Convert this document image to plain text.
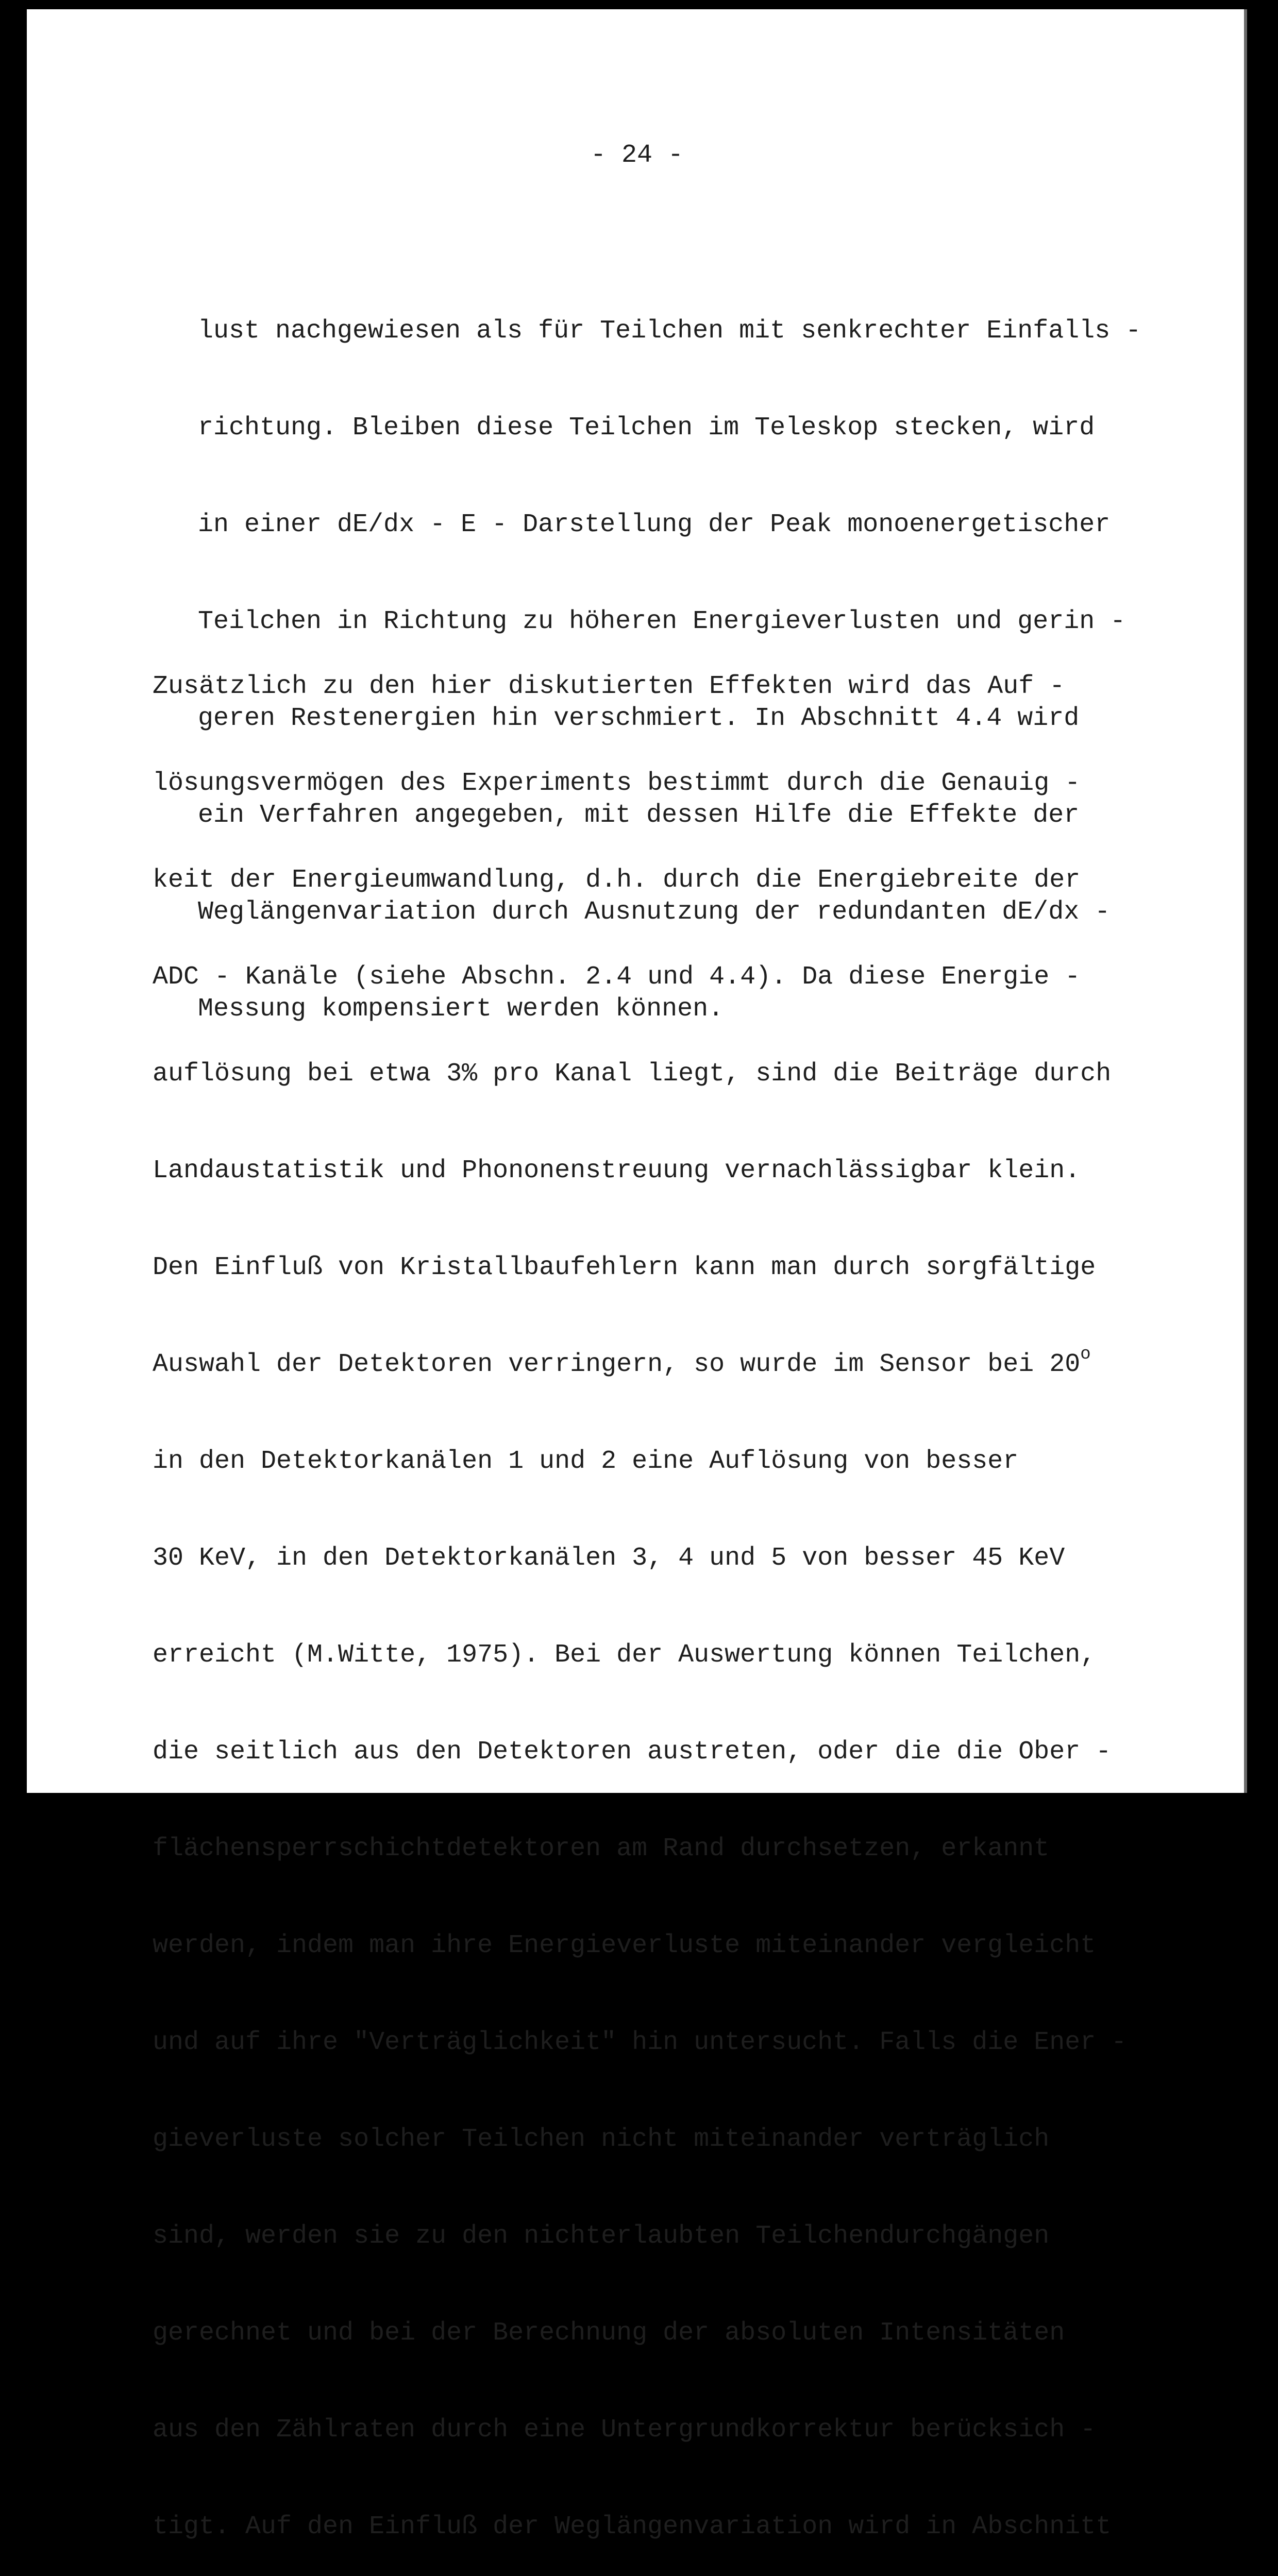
- 24 -

lust nachgewiesen als für Teilchen mit senkrechter Einfalls -

richtung. Bleiben diese Teilchen im Teleskop stecken, wird

in einer dE/dx - E - Darstellung der Peak monoenergetischer

Teilchen in Richtung zu höheren Energieverlusten und gerin -

geren Restenergien hin verschmiert. In Abschnitt 4.4 wird

ein Verfahren angegeben, mit dessen Hilfe die Effekte der

Weglängenvariation durch Ausnutzung der redundanten dE/dx -

Messung kompensiert werden können.

Zusätzlich zu den hier diskutierten Effekten wird das Auf -

lösungsvermögen des Experiments bestimmt durch die Genauig -

keit der Energieumwandlung, d.h. durch die Energiebreite der

ADC - Kanäle (siehe Abschn. 2.4 und 4.4). Da diese Energie -

auflösung bei etwa 3% pro Kanal liegt, sind die Beiträge durch

Landaustatistik und Phononenstreuung vernachlässigbar klein.

Den Einfluß von Kristallbaufehlern kann man durch sorgfältige

Auswahl der Detektoren verringern, so wurde im Sensor bei 20$^o$

in den Detektorkanälen 1 und 2 eine Auflösung von besser

30 KeV, in den Detektorkanälen 3, 4 und 5 von besser 45 KeV

erreicht (M.Witte, 1975). Bei der Auswertung können Teilchen,

die seitlich aus den Detektoren austreten, oder die die Ober -

flächensperrschichtdetektoren am Rand durchsetzen, erkannt

werden, indem man ihre Energieverluste miteinander vergleicht

und auf ihre "Verträglichkeit" hin untersucht. Falls die Ener -

gieverluste solcher Teilchen nicht miteinander verträglich

sind, werden sie zu den nichterlaubten Teilchendurchgängen

gerechnet und bei der Berechnung der absoluten Intensitäten

aus den Zählraten durch eine Untergrundkorrektur berücksich -

tigt. Auf den Einfluß der Weglängenvariation wird in Abschnitt
